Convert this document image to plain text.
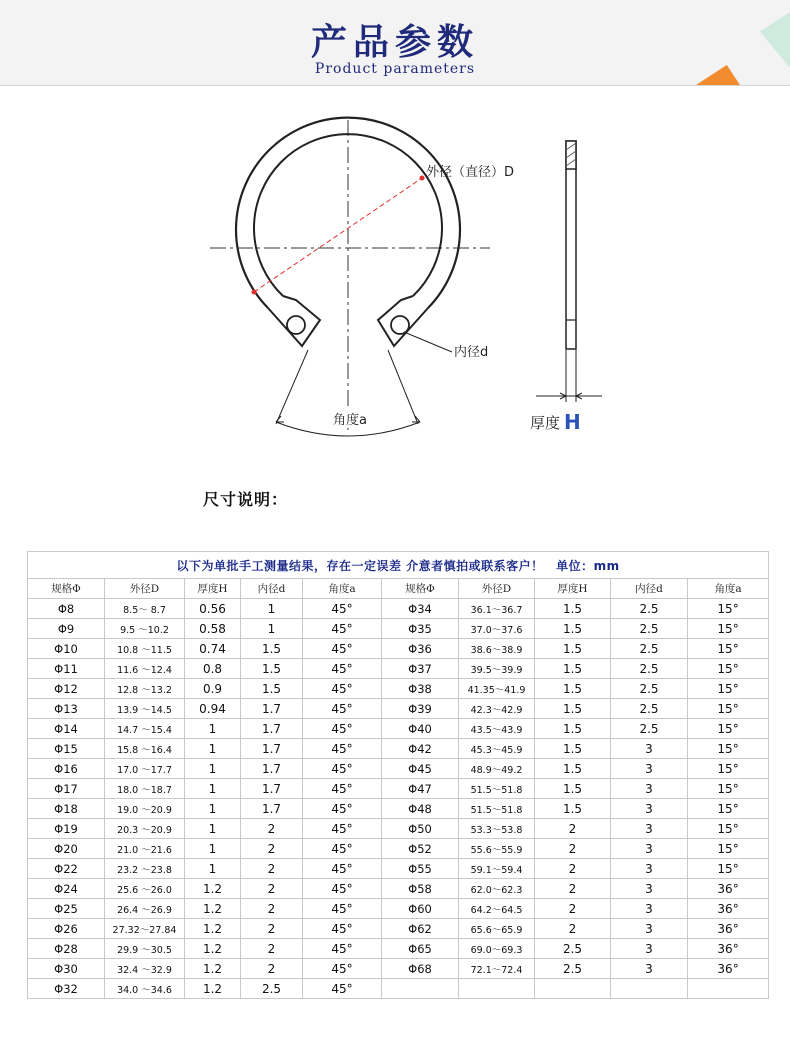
产品参数
Product parameters
外径（直径）D
内径d
角度a	厚度 H
尺寸说明：
以下为单批手工测量结果，存在一定误差 介意者慎拍或联系客户！　单位：mm									
规格Φ	外径D	厚度H	内径d	角度a	规格Φ	外径D	厚度H	内径d	角度a
Φ8	8.5～ 8.7	0.56	1	45°	Φ34	36.1～36.7	1.5	2.5	15°
Φ9	9.5 ～10.2	0.58	1	45°	Φ35	37.0～37.6	1.5	2.5	15°
Φ10	10.8 ～11.5	0.74	1.5	45°	Φ36	38.6～38.9	1.5	2.5	15°
Φ11	11.6 ～12.4	0.8	1.5	45°	Φ37	39.5～39.9	1.5	2.5	15°
Φ12	12.8 ～13.2	0.9	1.5	45°	Φ38	41.35～41.9	1.5	2.5	15°
Φ13	13.9 ～14.5	0.94	1.7	45°	Φ39	42.3～42.9	1.5	2.5	15°
Φ14	14.7 ～15.4	1	1.7	45°	Φ40	43.5～43.9	1.5	2.5	15°
Φ15	15.8 ～16.4	1	1.7	45°	Φ42	45.3～45.9	1.5	3	15°
Φ16	17.0 ～17.7	1	1.7	45°	Φ45	48.9～49.2	1.5	3	15°
Φ17	18.0 ～18.7	1	1.7	45°	Φ47	51.5～51.8	1.5	3	15°
Φ18	19.0 ～20.9	1	1.7	45°	Φ48	51.5～51.8	1.5	3	15°
Φ19	20.3 ～20.9	1	2	45°	Φ50	53.3～53.8	2	3	15°
Φ20	21.0 ～21.6	1	2	45°	Φ52	55.6～55.9	2	3	15°
Φ22	23.2 ～23.8	1	2	45°	Φ55	59.1～59.4	2	3	15°
Φ24	25.6 ～26.0	1.2	2	45°	Φ58	62.0～62.3	2	3	36°
Φ25	26.4 ～26.9	1.2	2	45°	Φ60	64.2～64.5	2	3	36°
Φ26	27.32～27.84	1.2	2	45°	Φ62	65.6～65.9	2	3	36°
Φ28	29.9 ～30.5	1.2	2	45°	Φ65	69.0～69.3	2.5	3	36°
Φ30	32.4 ～32.9	1.2	2	45°	Φ68	72.1～72.4	2.5	3	36°
Φ32	34.0 ～34.6	1.2	2.5	45°					
